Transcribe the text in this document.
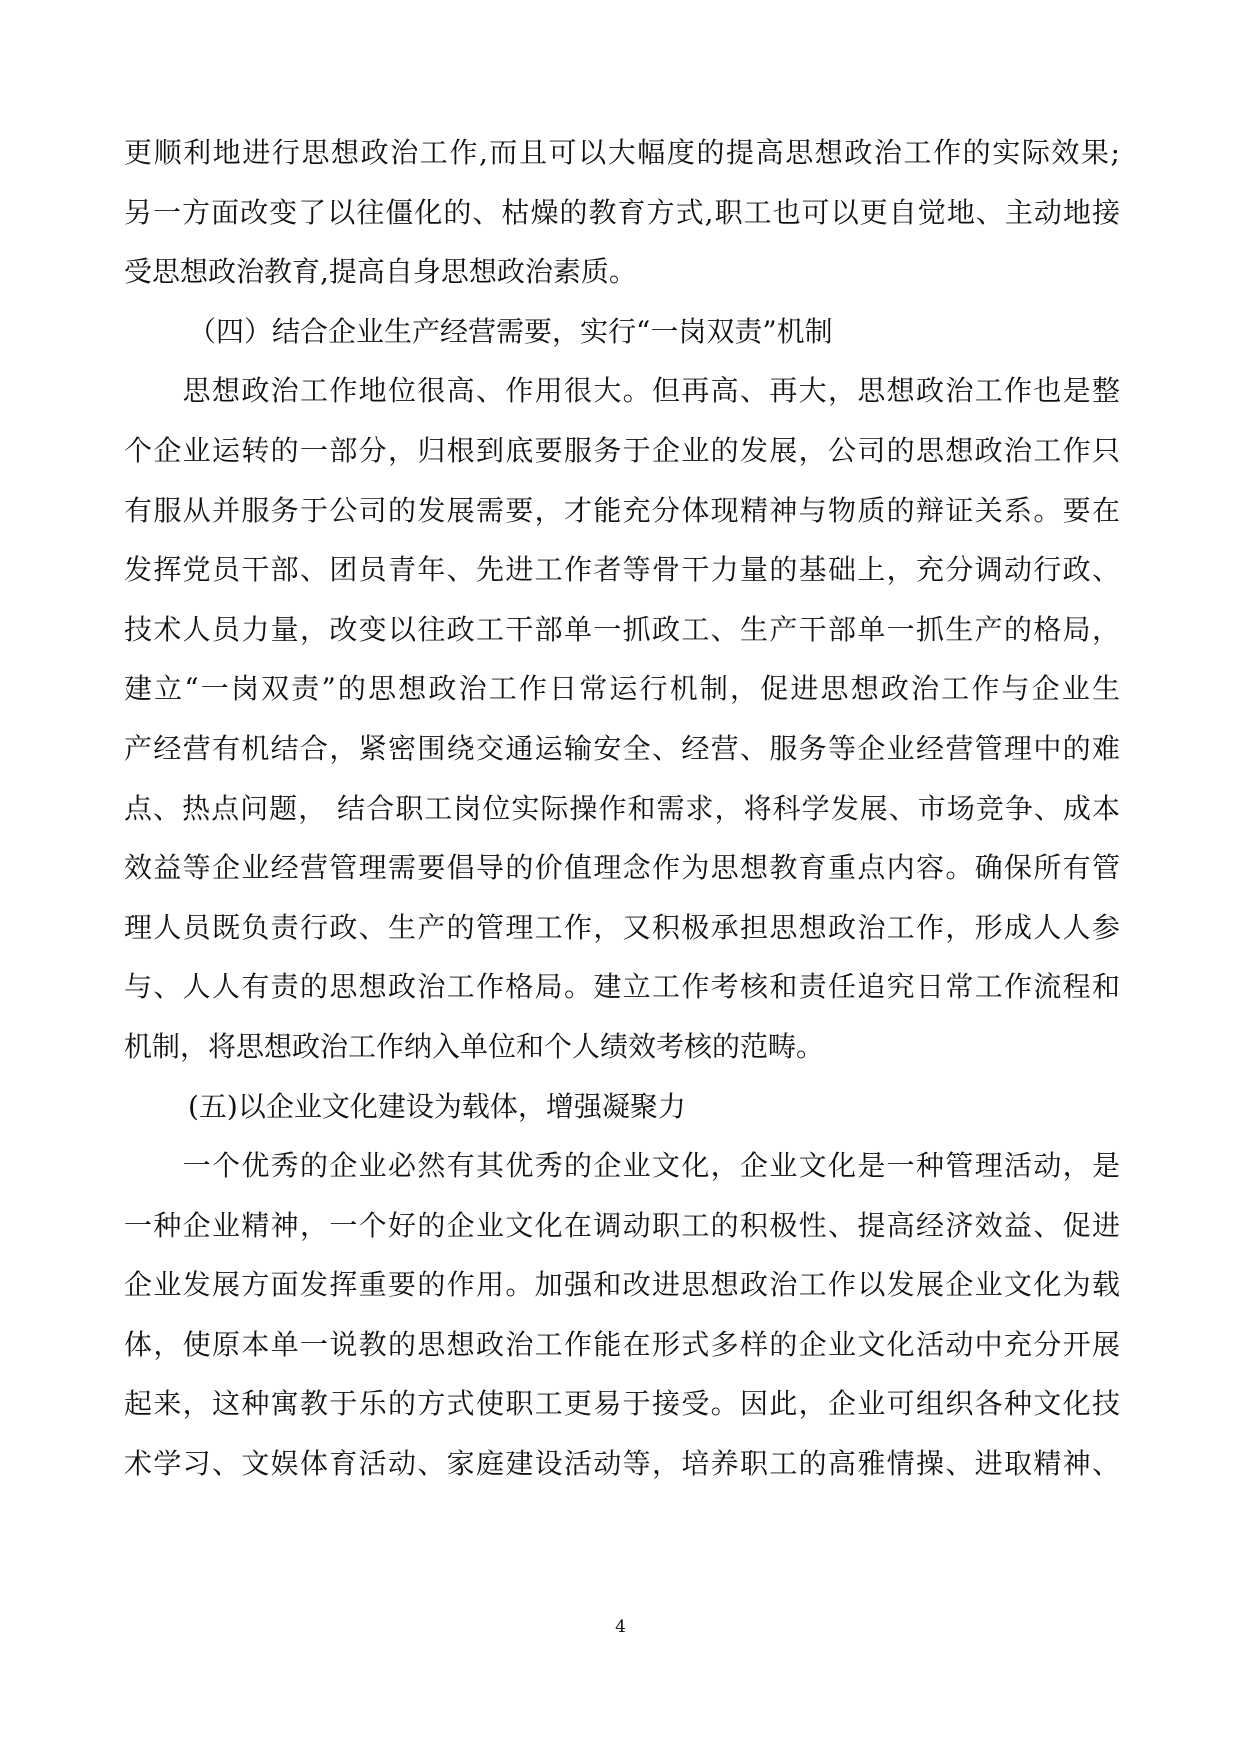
更顺利地进行思想政治工作,而且可以大幅度的提高思想政治工作的实际效果;
另一方面改变了以往僵化的、枯燥的教育方式,职工也可以更自觉地、主动地接
受思想政治教育,提高自身思想政治素质。
（四）结合企业生产经营需要，实行“一岗双责”机制
　　思想政治工作地位很高、作用很大。但再高、再大，思想政治工作也是整
个企业运转的一部分，归根到底要服务于企业的发展，公司的思想政治工作只
有服从并服务于公司的发展需要，才能充分体现精神与物质的辩证关系。要在
发挥党员干部、团员青年、先进工作者等骨干力量的基础上，充分调动行政、
技术人员力量，改变以往政工干部单一抓政工、生产干部单一抓生产的格局，
建立“一岗双责”的思想政治工作日常运行机制，促进思想政治工作与企业生
产经营有机结合，紧密围绕交通运输安全、经营、服务等企业经营管理中的难
点、热点问题， 结合职工岗位实际操作和需求，将科学发展、市场竞争、成本
效益等企业经营管理需要倡导的价值理念作为思想教育重点内容。确保所有管
理人员既负责行政、生产的管理工作，又积极承担思想政治工作，形成人人参
与、人人有责的思想政治工作格局。建立工作考核和责任追究日常工作流程和
机制，将思想政治工作纳入单位和个人绩效考核的范畴。
(五)以企业文化建设为载体，增强凝聚力
　　一个优秀的企业必然有其优秀的企业文化，企业文化是一种管理活动，是
一种企业精神，一个好的企业文化在调动职工的积极性、提高经济效益、促进
企业发展方面发挥重要的作用。加强和改进思想政治工作以发展企业文化为载
体，使原本单一说教的思想政治工作能在形式多样的企业文化活动中充分开展
起来，这种寓教于乐的方式使职工更易于接受。因此，企业可组织各种文化技
术学习、文娱体育活动、家庭建设活动等，培养职工的高雅情操、进取精神、
4
